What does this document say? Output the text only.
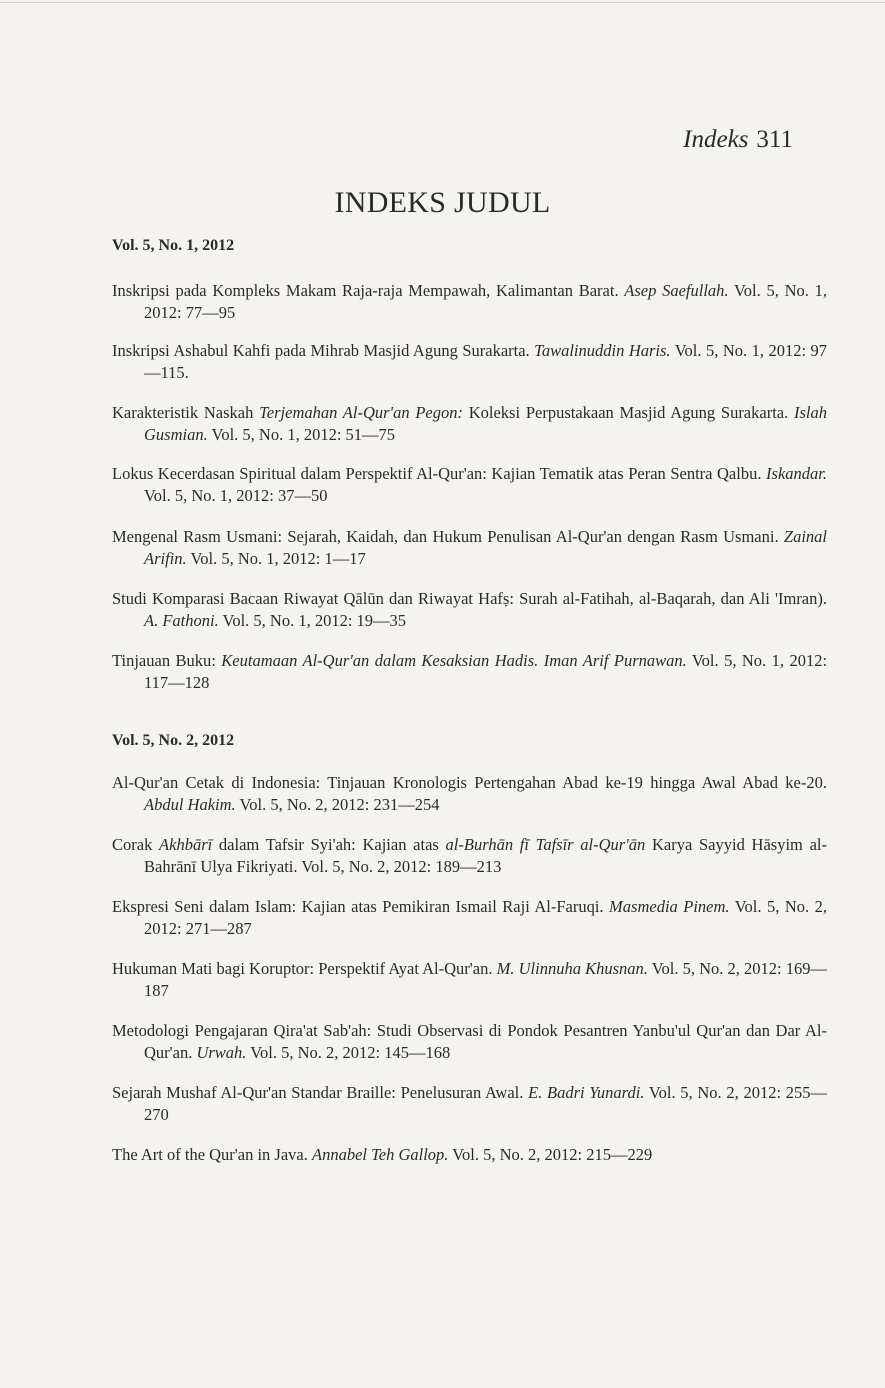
Indeks 311
INDEKS JUDUL
Vol. 5, No. 1, 2012
Inskripsi pada Kompleks Makam Raja-raja Mempawah, Kalimantan Barat. Asep Saefullah. Vol. 5, No. 1, 2012: 77—95
Inskripsi Ashabul Kahfi pada Mihrab Masjid Agung Surakarta. Tawalinuddin Haris. Vol. 5, No. 1, 2012: 97—115.
Karakteristik Naskah Terjemahan Al-Qur'an Pegon: Koleksi Perpustakaan Masjid Agung Surakarta. Islah Gusmian. Vol. 5, No. 1, 2012: 51—75
Lokus Kecerdasan Spiritual dalam Perspektif Al-Qur'an: Kajian Tematik atas Peran Sentra Qalbu. Iskandar. Vol. 5, No. 1, 2012: 37—50
Mengenal Rasm Usmani: Sejarah, Kaidah, dan Hukum Penulisan Al-Qur'an dengan Rasm Usmani. Zainal Arifin. Vol. 5, No. 1, 2012: 1—17
Studi Komparasi Bacaan Riwayat Qālūn dan Riwayat Hafṣ: Surah al-Fatihah, al-Baqarah, dan Ali 'Imran). A. Fathoni. Vol. 5, No. 1, 2012: 19—35
Tinjauan Buku: Keutamaan Al-Qur'an dalam Kesaksian Hadis. Iman Arif Purnawan. Vol. 5, No. 1, 2012: 117—128
Vol. 5, No. 2, 2012
Al-Qur'an Cetak di Indonesia: Tinjauan Kronologis Pertengahan Abad ke-19 hingga Awal Abad ke-20. Abdul Hakim. Vol. 5, No. 2, 2012: 231—254
Corak Akhbārī dalam Tafsir Syi'ah: Kajian atas al-Burhān fī Tafsīr al-Qur'ān Karya Sayyid Hāsyim al-Bahrānī Ulya Fikriyati. Vol. 5, No. 2, 2012: 189—213
Ekspresi Seni dalam Islam: Kajian atas Pemikiran Ismail Raji Al-Faruqi. Masmedia Pinem. Vol. 5, No. 2, 2012: 271—287
Hukuman Mati bagi Koruptor: Perspektif Ayat Al-Qur'an. M. Ulinnuha Khusnan. Vol. 5, No. 2, 2012: 169—187
Metodologi Pengajaran Qira'at Sab'ah: Studi Observasi di Pondok Pesantren Yanbu'ul Qur'an dan Dar Al-Qur'an. Urwah. Vol. 5, No. 2, 2012: 145—168
Sejarah Mushaf Al-Qur'an Standar Braille: Penelusuran Awal. E. Badri Yunardi. Vol. 5, No. 2, 2012: 255—270
The Art of the Qur'an in Java. Annabel Teh Gallop. Vol. 5, No. 2, 2012: 215—229
